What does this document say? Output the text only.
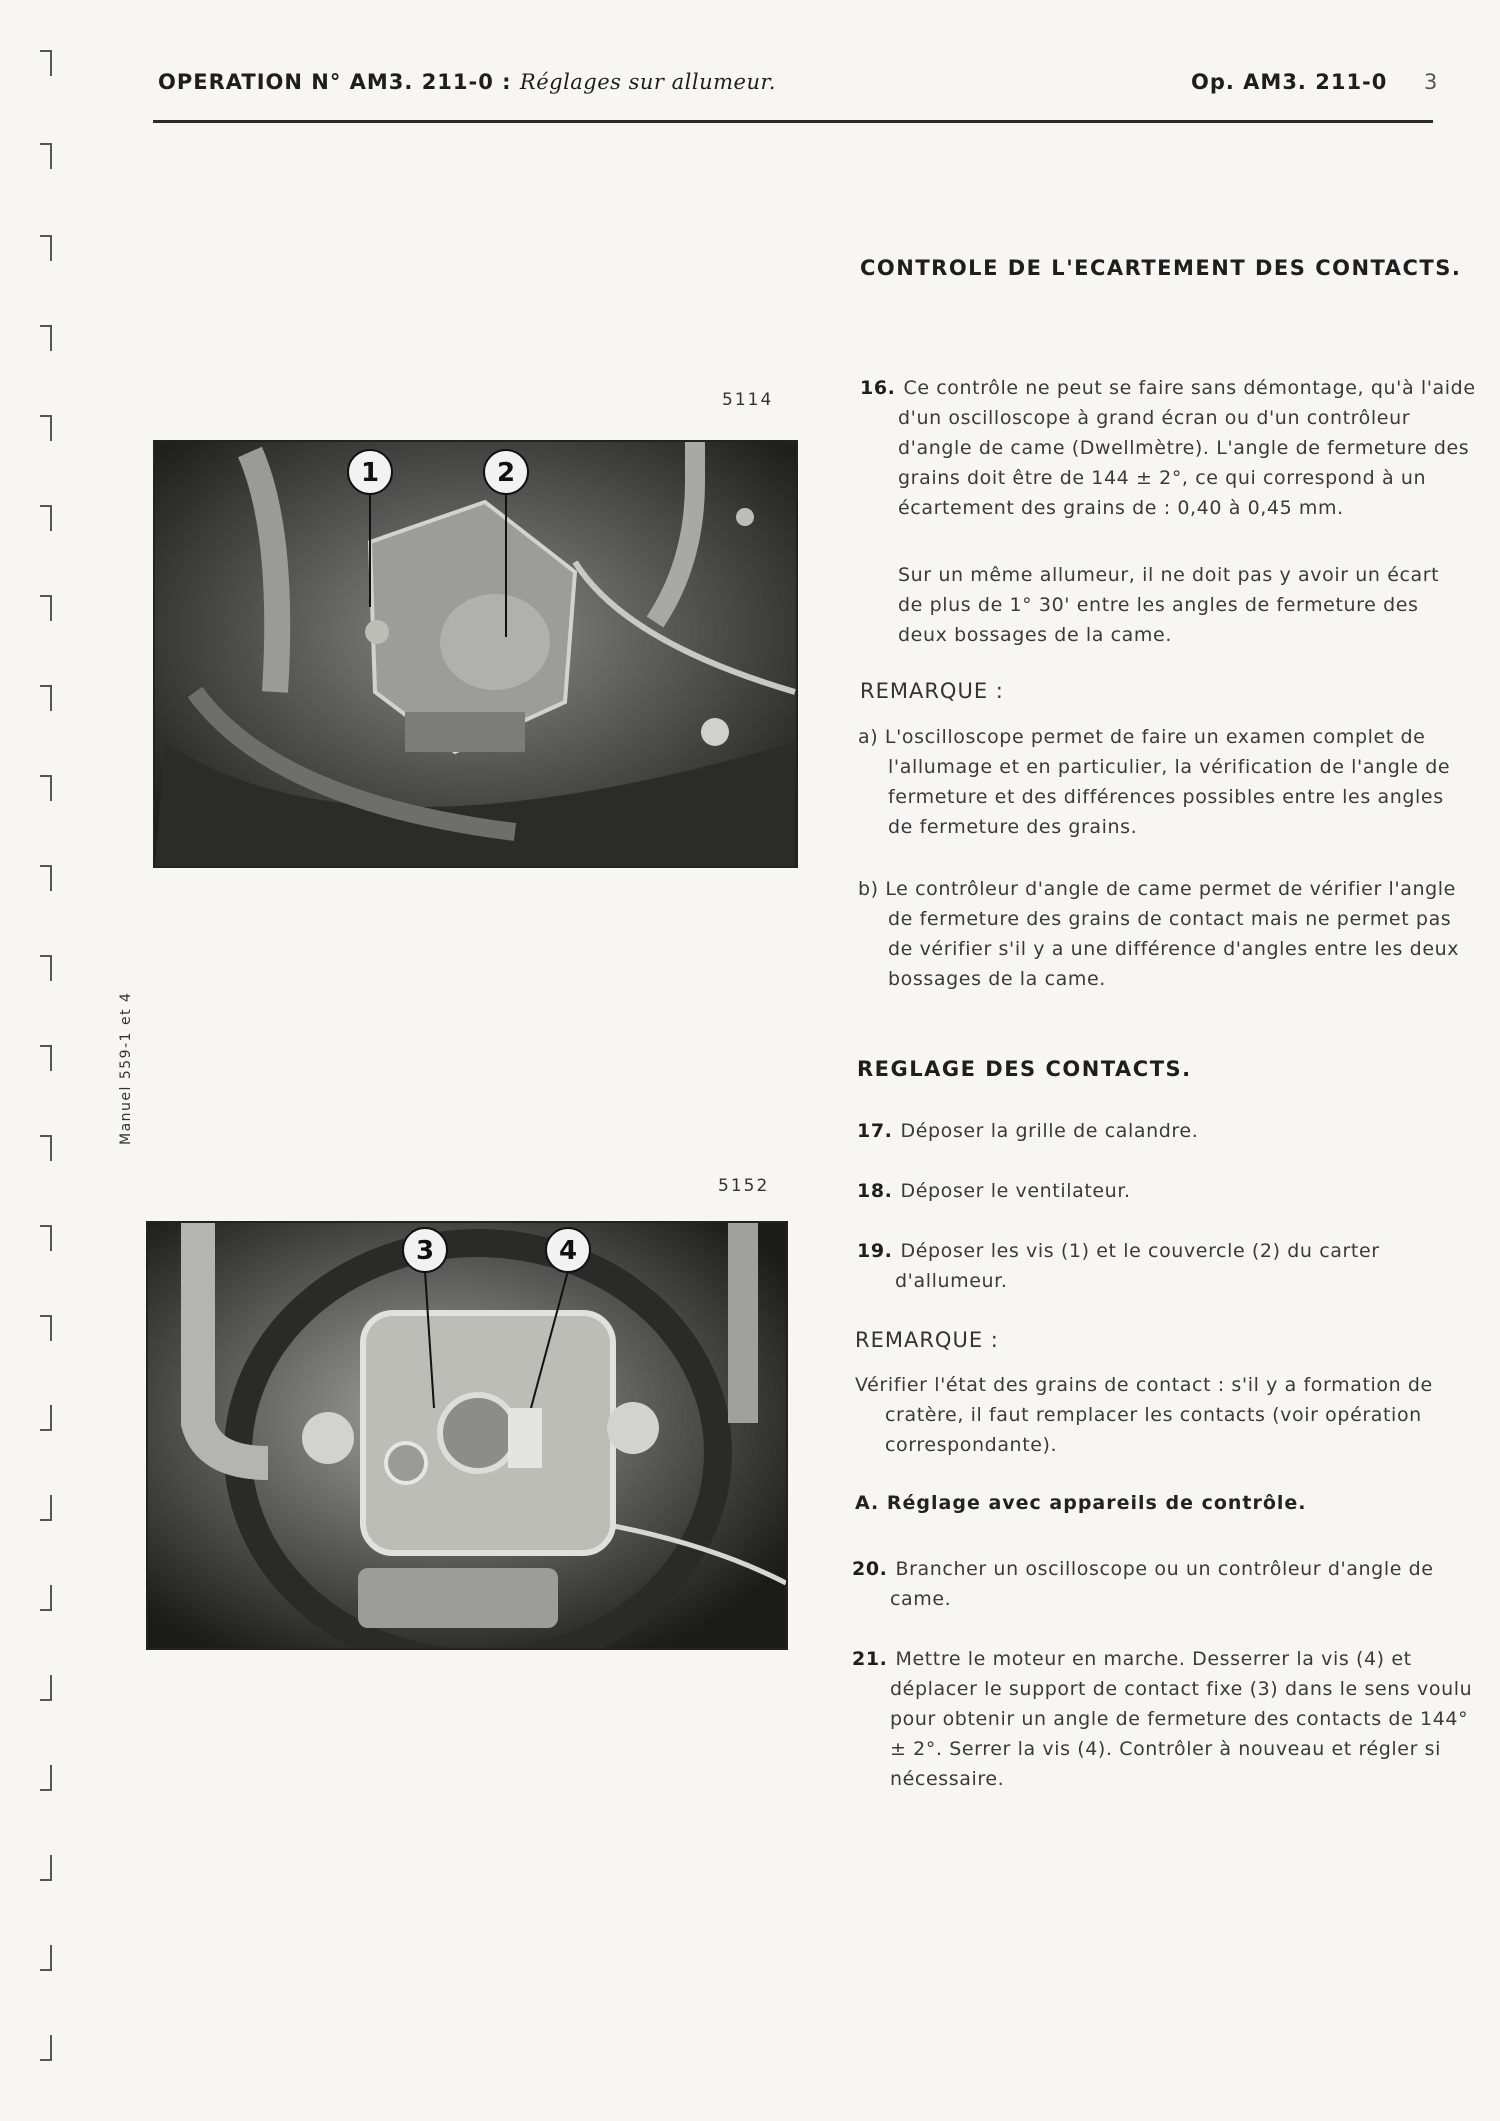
OPERATION N° AM3. 211-0 : Réglages sur allumeur.	Op. AM3. 211-0 3
Manuel 559-1 et 4
5114
1	2
5152
3	4
CONTROLE DE L'ECARTEMENT DES CONTACTS.
16. Ce contrôle ne peut se faire sans démontage, qu'à l'aide d'un oscilloscope à grand écran ou d'un contrôleur d'angle de came (Dwellmètre). L'angle de fermeture des grains doit être de 144 ± 2°, ce qui correspond à un écartement des grains de : 0,40 à 0,45 mm.
Sur un même allumeur, il ne doit pas y avoir un écart de plus de 1° 30' entre les angles de fermeture des deux bossages de la came.
REMARQUE :
a) L'oscilloscope permet de faire un examen complet de l'allumage et en particulier, la vérification de l'angle de fermeture et des différences possibles entre les angles de fermeture des grains.
b) Le contrôleur d'angle de came permet de vérifier l'angle de fermeture des grains de contact mais ne permet pas de vérifier s'il y a une différence d'angles entre les deux bossages de la came.
REGLAGE DES CONTACTS.
17. Déposer la grille de calandre.
18. Déposer le ventilateur.
19. Déposer les vis (1) et le couvercle (2) du carter d'allumeur.
REMARQUE :
Vérifier l'état des grains de contact : s'il y a formation de cratère, il faut remplacer les contacts (voir opération correspondante).
A. Réglage avec appareils de contrôle.
20. Brancher un oscilloscope ou un contrôleur d'angle de came.
21. Mettre le moteur en marche. Desserrer la vis (4) et déplacer le support de contact fixe (3) dans le sens voulu pour obtenir un angle de fermeture des contacts de 144° ± 2°. Serrer la vis (4). Contrôler à nouveau et régler si nécessaire.
